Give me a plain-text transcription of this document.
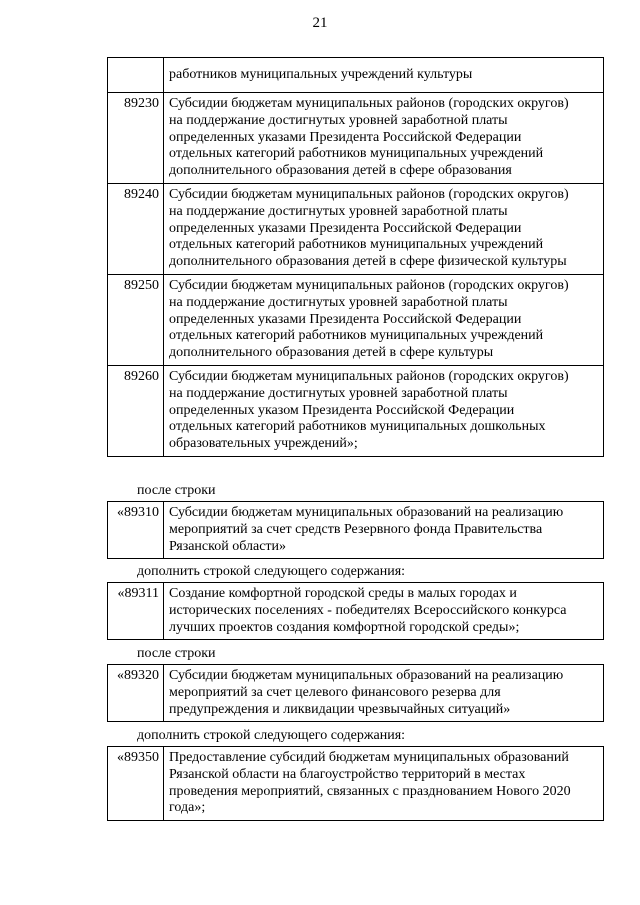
21

	работников муниципальных учреждений культуры

89230	Субсидии бюджетам муниципальных районов (городских округов)
на поддержание достигнутых уровней заработной платы
определенных указами Президента Российской Федерации
отдельных категорий работников муниципальных учреждений
дополнительного образования детей в сфере образования

89240	Субсидии бюджетам муниципальных районов (городских округов)
на поддержание достигнутых уровней заработной платы
определенных указами Президента Российской Федерации
отдельных категорий работников муниципальных учреждений
дополнительного образования детей в сфере физической культуры

89250	Субсидии бюджетам муниципальных районов (городских округов)
на поддержание достигнутых уровней заработной платы
определенных указами Президента Российской Федерации
отдельных категорий работников муниципальных учреждений
дополнительного образования детей в сфере культуры

89260	Субсидии бюджетам муниципальных районов (городских округов)
на поддержание достигнутых уровней заработной платы
определенных указом Президента Российской Федерации
отдельных категорий работников муниципальных дошкольных
образовательных учреждений»;
после строки
«89310	Субсидии бюджетам муниципальных образований на реализацию
мероприятий за счет средств Резервного фонда Правительства
Рязанской области»
дополнить строкой следующего содержания:
«89311	Создание комфортной городской среды в малых городах и
исторических поселениях - победителях Всероссийского конкурса
лучших проектов создания комфортной городской среды»;
после строки
«89320	Субсидии бюджетам муниципальных образований на реализацию
мероприятий за счет целевого финансового резерва для
предупреждения и ликвидации чрезвычайных ситуаций»
дополнить строкой следующего содержания:
«89350	Предоставление субсидий бюджетам муниципальных образований
Рязанской области на благоустройство территорий в местах
проведения мероприятий, связанных с празднованием Нового 2020
года»;
